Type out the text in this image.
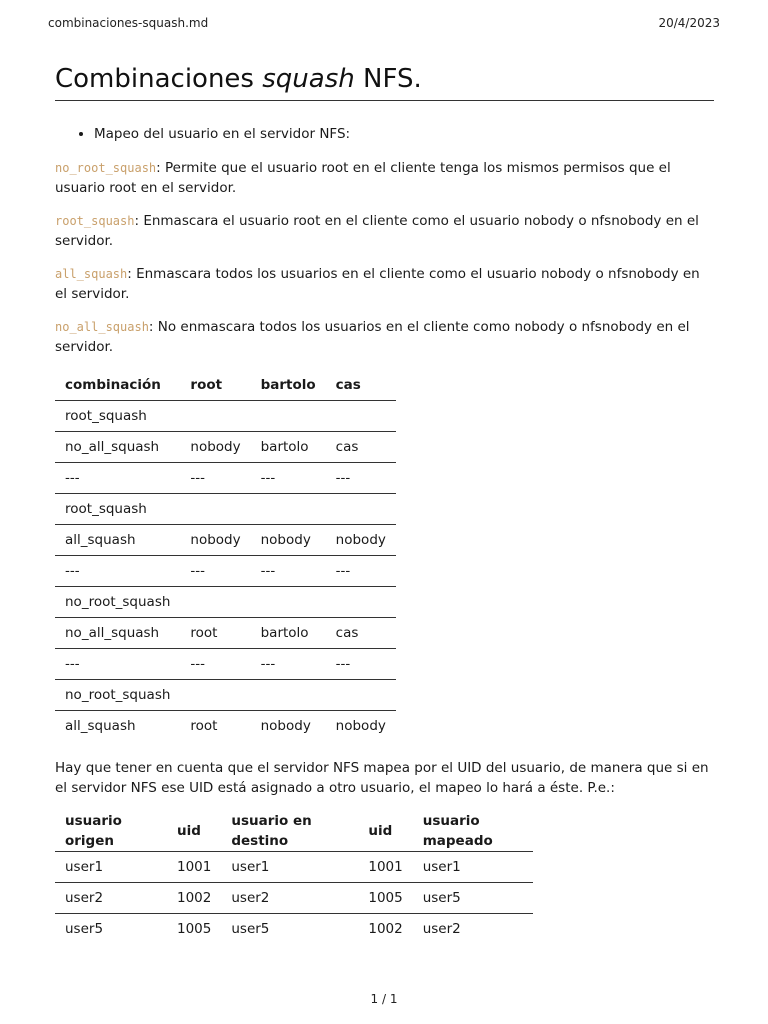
combinaciones-squash.md	20/4/2023
Combinaciones squash NFS.
• Mapeo del usuario en el servidor NFS:

no_root_squash: Permite que el usuario root en el cliente tenga los mismos permisos que el usuario root en el servidor.

root_squash: Enmascara el usuario root en el cliente como el usuario nobody o nfsnobody en el servidor.

all_squash: Enmascara todos los usuarios en el cliente como el usuario nobody o nfsnobody en el servidor.

no_all_squash: No enmascara todos los usuarios en el cliente como nobody o nfsnobody en el servidor.

combinación	root	bartolo	cas
root_squash			
no_all_squash	nobody	bartolo	cas
---	---	---	---
root_squash			
all_squash	nobody	nobody	nobody
---	---	---	---
no_root_squash			
no_all_squash	root	bartolo	cas
---	---	---	---
no_root_squash			
all_squash	root	nobody	nobody

Hay que tener en cuenta que el servidor NFS mapea por el UID del usuario, de manera que si en el servidor NFS ese UID está asignado a otro usuario, el mapeo lo hará a éste. P.e.:

usuario origen	uid	usuario en destino	uid	usuario mapeado
user1	1001	user1	1001	user1
user2	1002	user2	1005	user5
user5	1005	user5	1002	user2
1 / 1
